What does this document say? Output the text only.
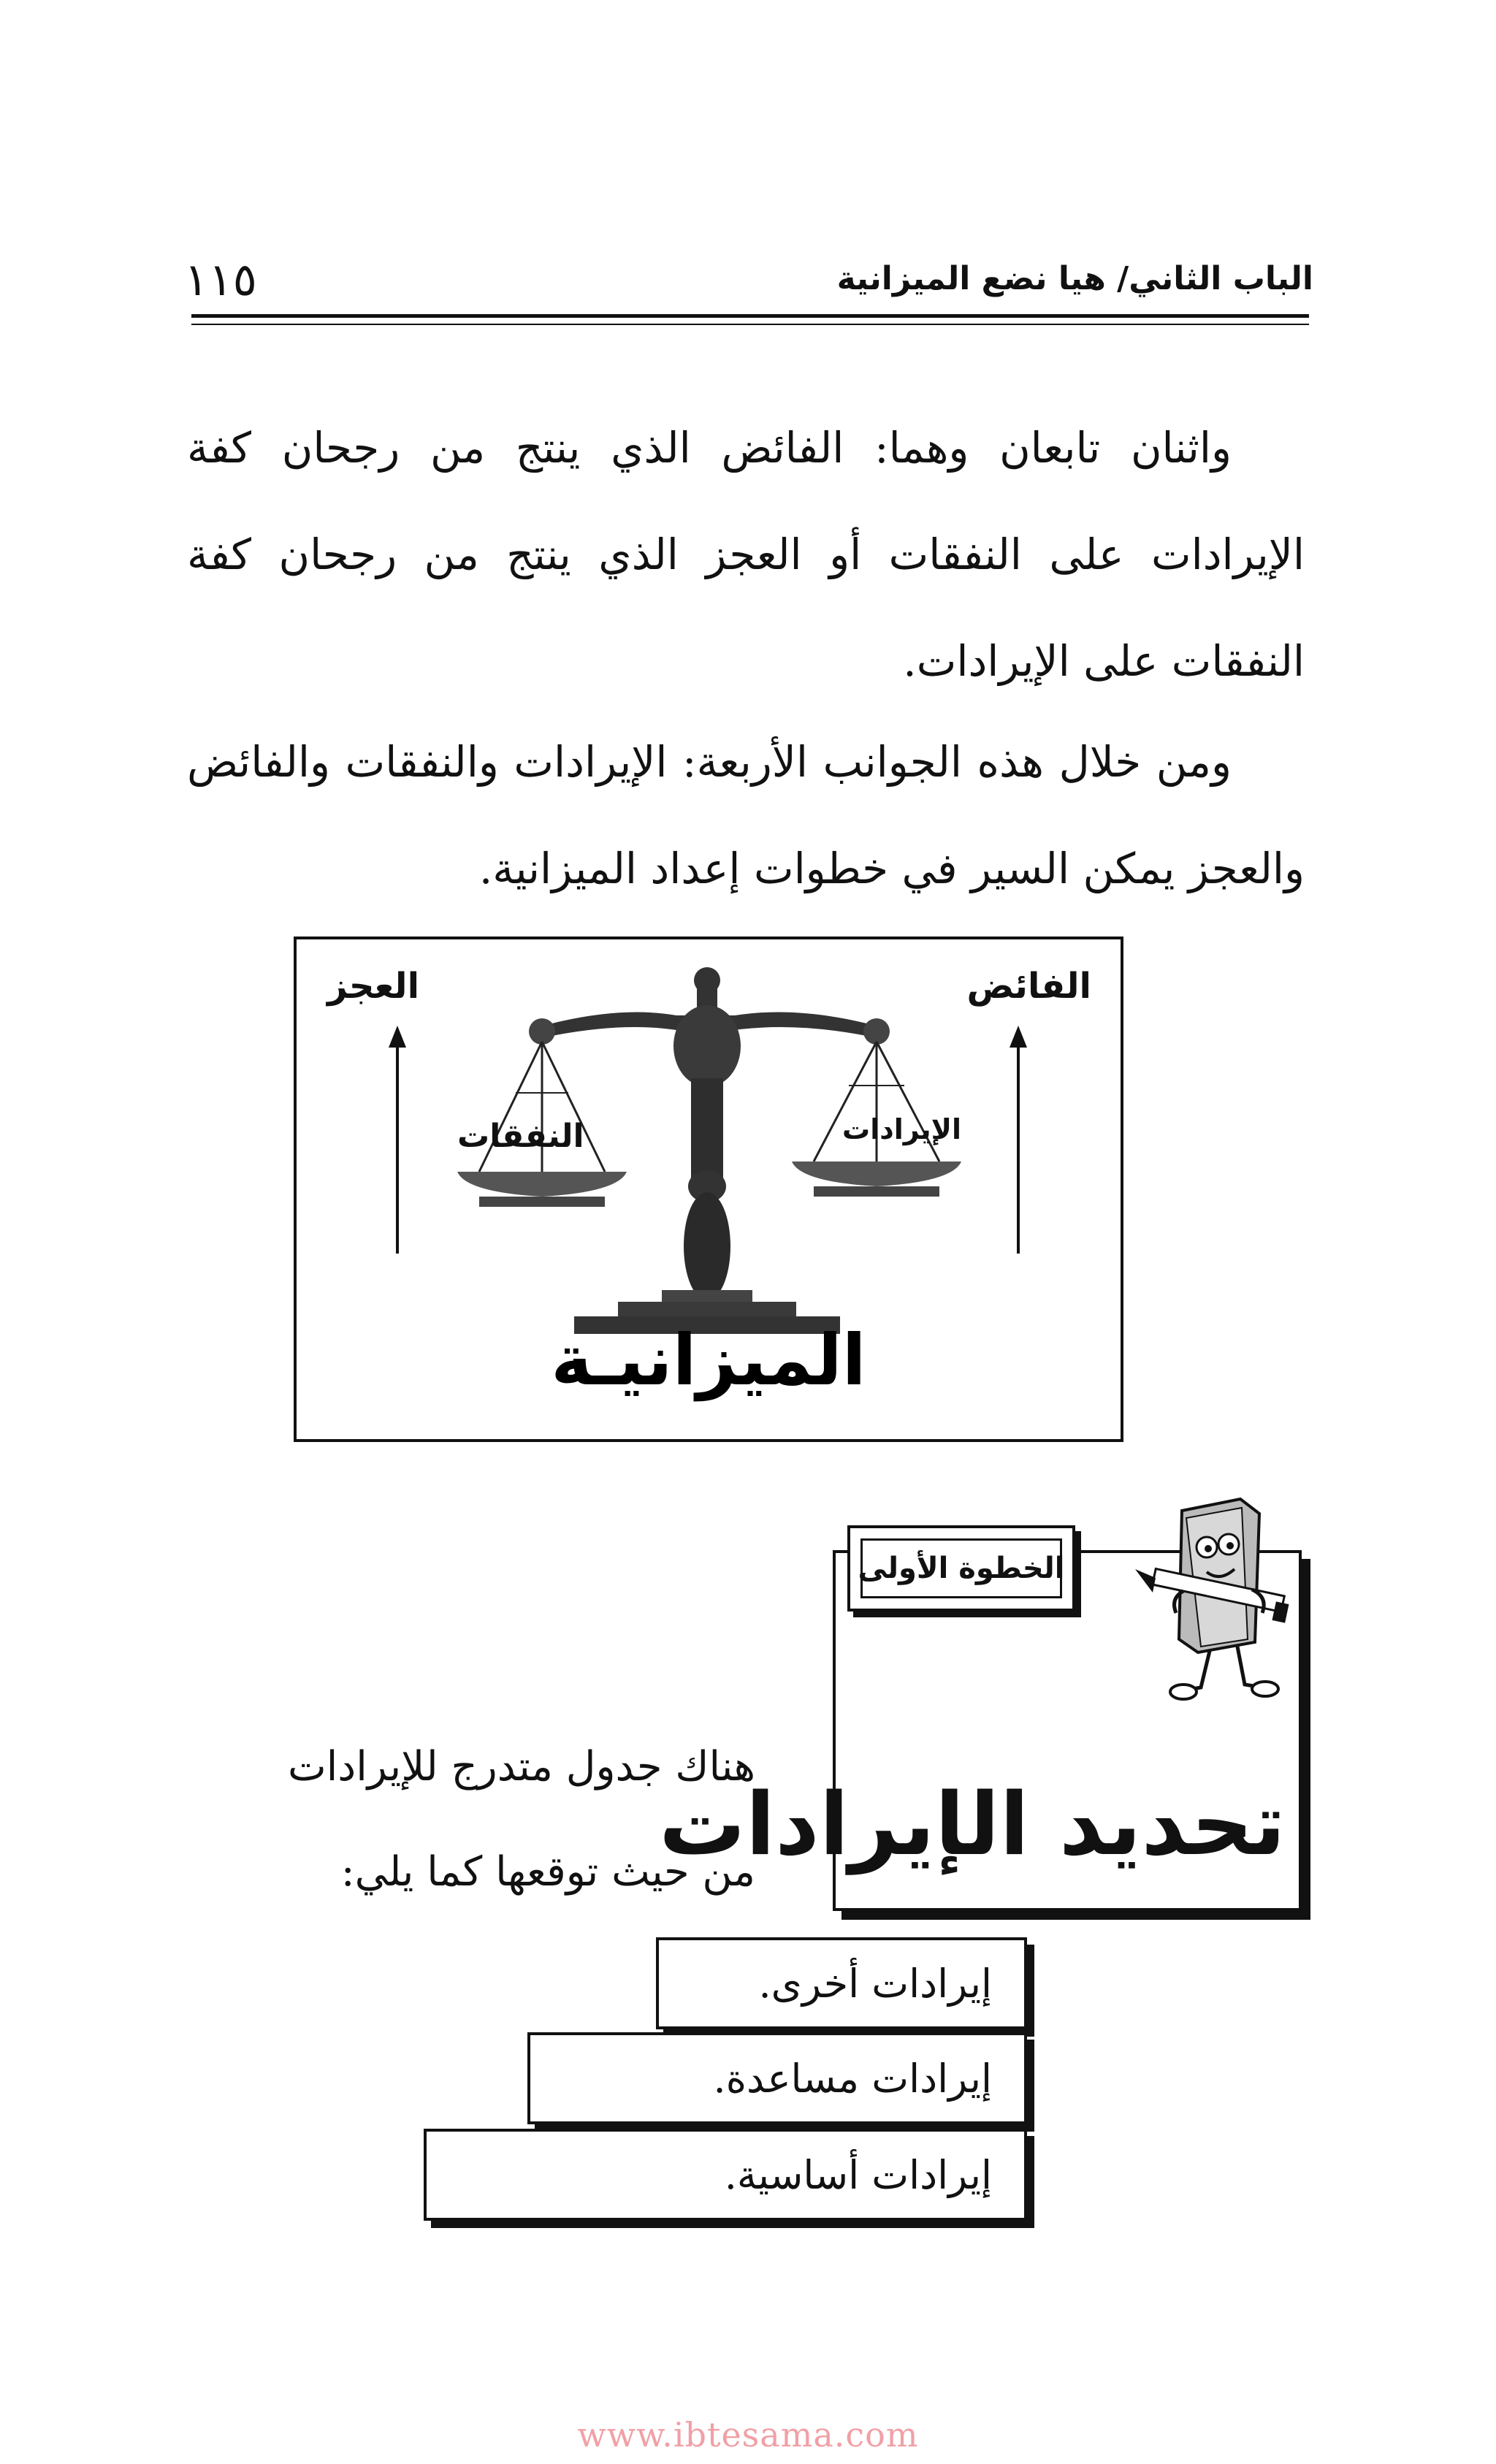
الباب الثاني/ هيا نضع الميزانية
١١٥

واثنان تابعان وهما: الفائض الذي ينتج من رجحان كفة الإيرادات على النفقات أو العجز الذي ينتج من رجحان كفة النفقات على الإيرادات.

ومن خلال هذه الجوانب الأربعة: الإيرادات والنفقات والفائض والعجز يمكن السير في خطوات إعداد الميزانية.

الفائض
العجز
الإيرادات
النفقات
الميزانيـة
الخطوة الأولى
تحديد الإيرادات
هناك جدول متدرج للإيرادات
من حيث توقعها كما يلي:
إيرادات أخرى.
إيرادات مساعدة.
إيرادات أساسية.
www.ibtesama.com
